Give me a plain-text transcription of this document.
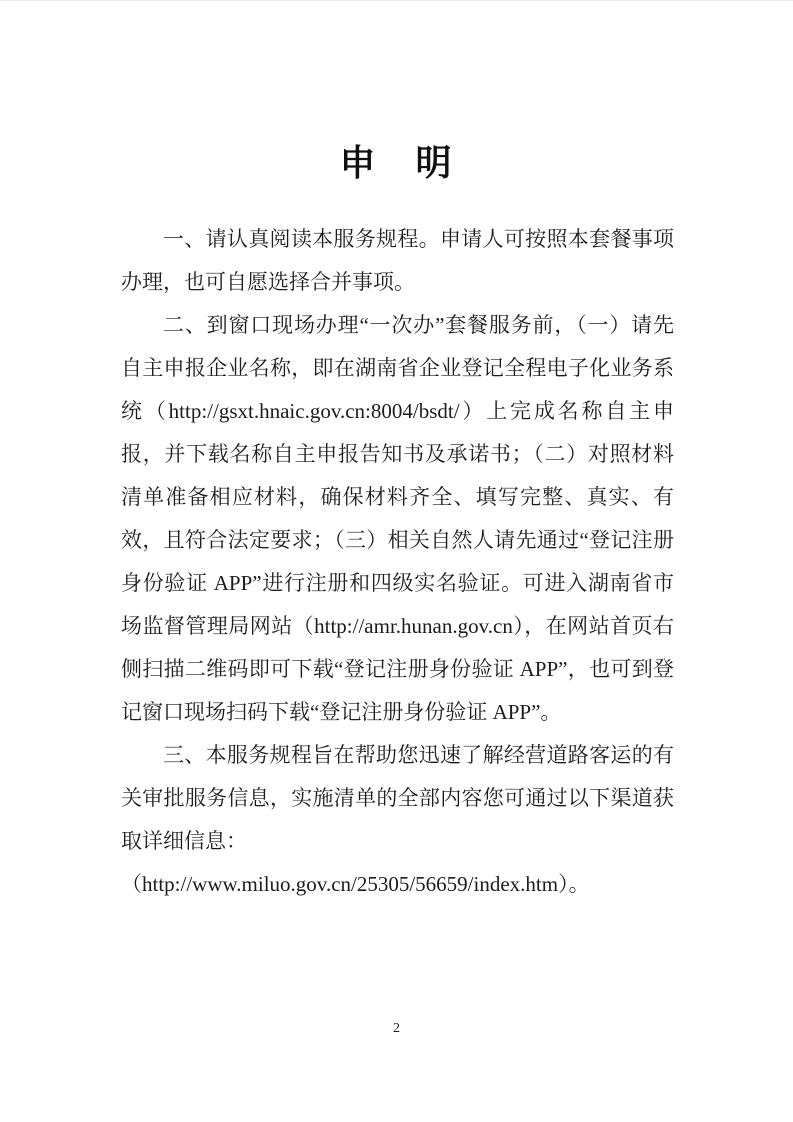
申　明

一、请认真阅读本服务规程。申请人可按照本套餐事项办理，也可自愿选择合并事项。

二、到窗口现场办理“一次办”套餐服务前，（一）请先自主申报企业名称，即在湖南省企业登记全程电子化业务系统（http://gsxt.hnaic.gov.cn:8004/bsdt/）上完成名称自主申报，并下载名称自主申报告知书及承诺书；（二）对照材料清单准备相应材料，确保材料齐全、填写完整、真实、有效，且符合法定要求；（三）相关自然人请先通过“登记注册身份验证 APP”进行注册和四级实名验证。可进入湖南省市场监督管理局网站（http://amr.hunan.gov.cn），在网站首页右侧扫描二维码即可下载“登记注册身份验证 APP”，也可到登记窗口现场扫码下载“登记注册身份验证 APP”。

三、本服务规程旨在帮助您迅速了解经营道路客运的有关审批服务信息，实施清单的全部内容您可通过以下渠道获取详细信息：

（http://www.miluo.gov.cn/25305/56659/index.htm）。

2
